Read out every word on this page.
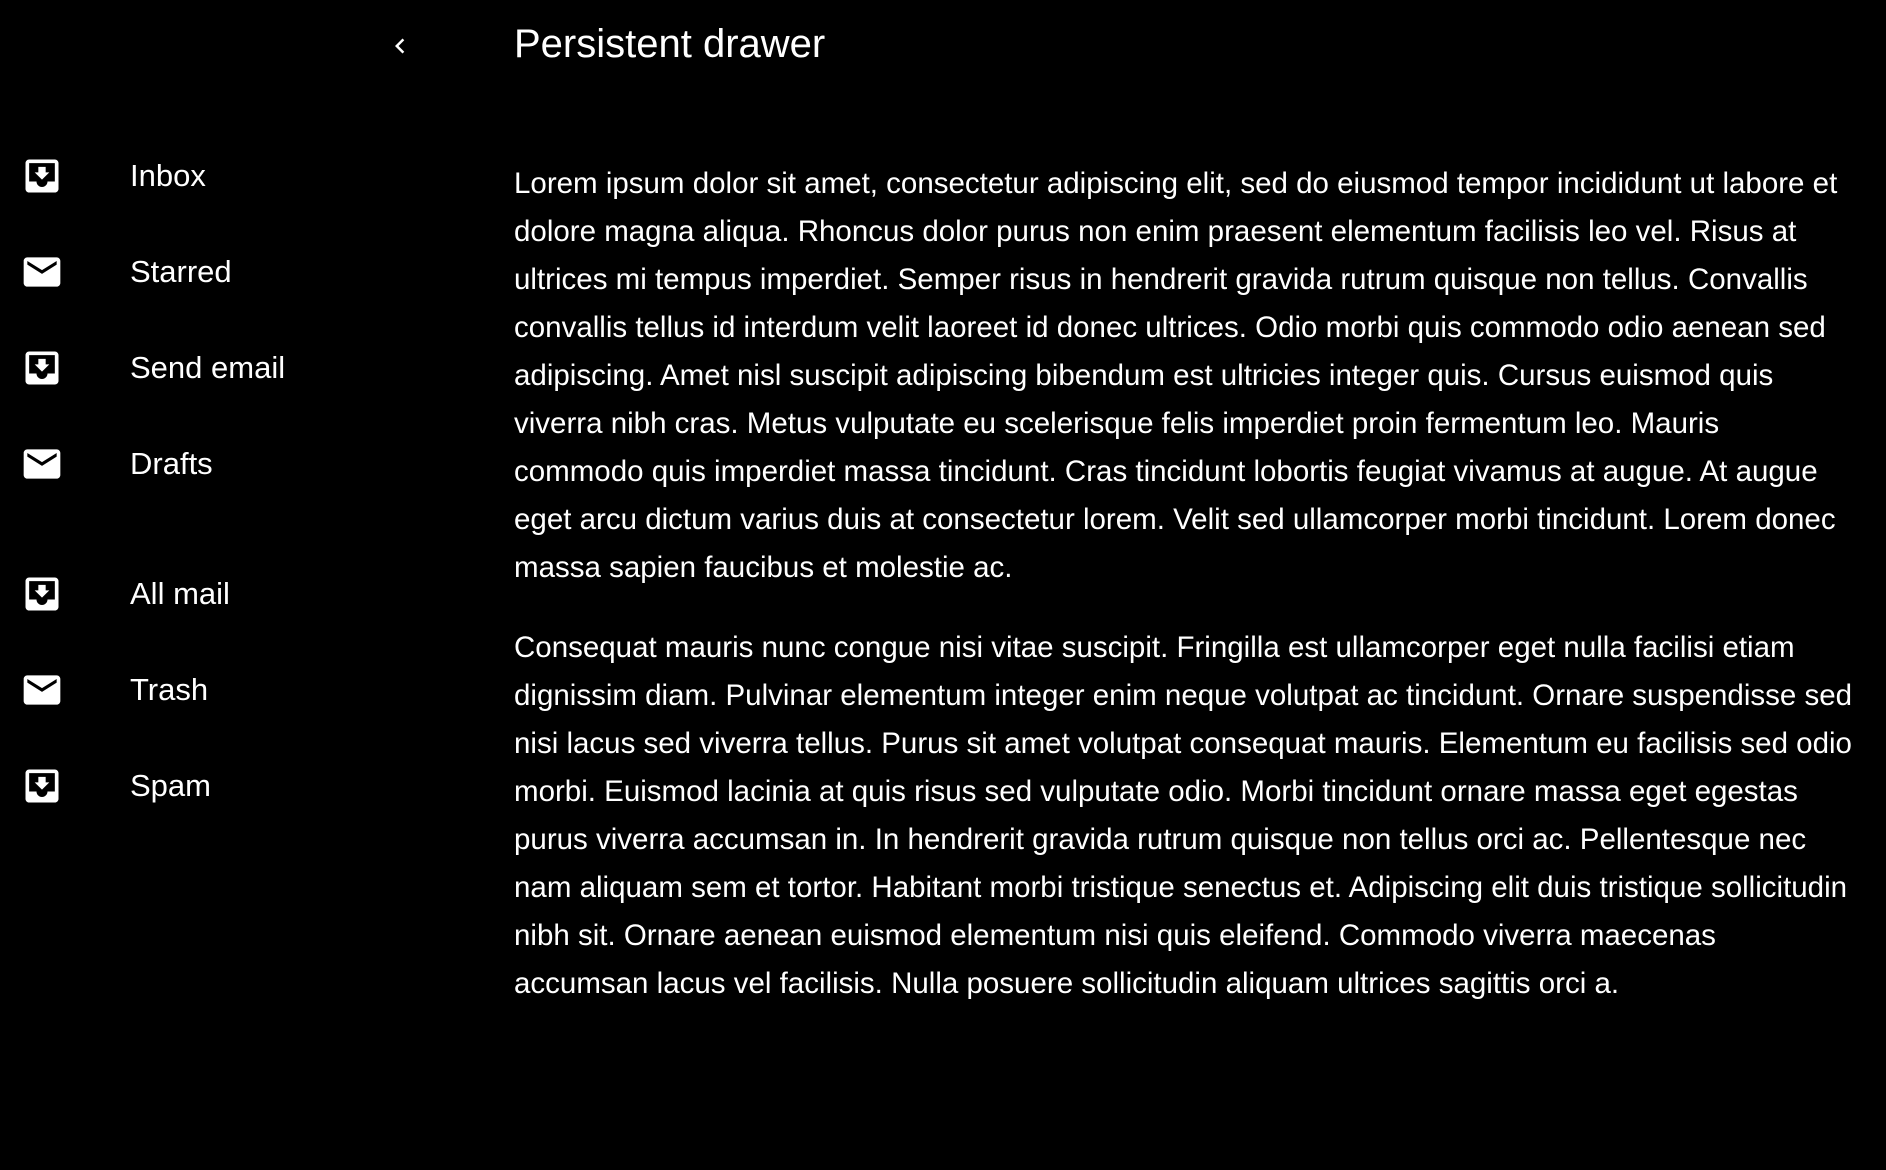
Inbox
Starred
Send email
Drafts
All mail
Trash
Spam
Persistent drawer

Lorem ipsum dolor sit amet, consectetur adipiscing elit, sed do eiusmod tempor incididunt ut labore et dolore magna aliqua. Rhoncus dolor purus non enim praesent elementum facilisis leo vel. Risus at ultrices mi tempus imperdiet. Semper risus in hendrerit gravida rutrum quisque non tellus. Convallis convallis tellus id interdum velit laoreet id donec ultrices. Odio morbi quis commodo odio aenean sed adipiscing. Amet nisl suscipit adipiscing bibendum est ultricies integer quis. Cursus euismod quis viverra nibh cras. Metus vulputate eu scelerisque felis imperdiet proin fermentum leo. Mauris commodo quis imperdiet massa tincidunt. Cras tincidunt lobortis feugiat vivamus at augue. At augue eget arcu dictum varius duis at consectetur lorem. Velit sed ullamcorper morbi tincidunt. Lorem donec massa sapien faucibus et molestie ac.

Consequat mauris nunc congue nisi vitae suscipit. Fringilla est ullamcorper eget nulla facilisi etiam dignissim diam. Pulvinar elementum integer enim neque volutpat ac tincidunt. Ornare suspendisse sed nisi lacus sed viverra tellus. Purus sit amet volutpat consequat mauris. Elementum eu facilisis sed odio morbi. Euismod lacinia at quis risus sed vulputate odio. Morbi tincidunt ornare massa eget egestas purus viverra accumsan in. In hendrerit gravida rutrum quisque non tellus orci ac. Pellentesque nec nam aliquam sem et tortor. Habitant morbi tristique senectus et. Adipiscing elit duis tristique sollicitudin nibh sit. Ornare aenean euismod elementum nisi quis eleifend. Commodo viverra maecenas accumsan lacus vel facilisis. Nulla posuere sollicitudin aliquam ultrices sagittis orci a.
